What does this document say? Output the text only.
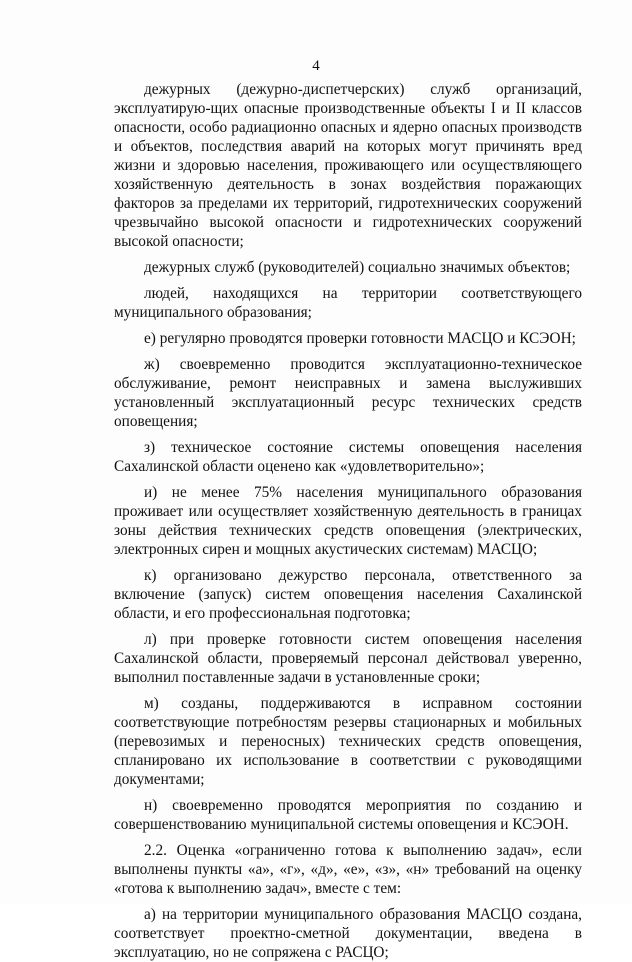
4

дежурных (дежурно-диспетчерских) служб организаций, эксплуатирую-щих опасные производственные объекты I и II классов опасности, особо радиационно опасных и ядерно опасных производств и объектов, последствия аварий на которых могут причинять вред жизни и здоровью населения, проживающего или осуществляющего хозяйственную деятельность в зонах воздействия поражающих факторов за пределами их территорий, гидротехнических сооружений чрезвычайно высокой опасности и гидротехнических сооружений высокой опасности;

дежурных служб (руководителей) социально значимых объектов;

людей, находящихся на территории соответствующего муниципального образования;

е) регулярно проводятся проверки готовности МАСЦО и КСЭОН;

ж) своевременно проводится эксплуатационно-техническое обслуживание, ремонт неисправных и замена выслуживших установленный эксплуатационный ресурс технических средств оповещения;

з) техническое состояние системы оповещения населения Сахалинской области оценено как «удовлетворительно»;

и) не менее 75% населения муниципального образования проживает или осуществляет хозяйственную деятельность в границах зоны действия технических средств оповещения (электрических, электронных сирен и мощных акустических системам) МАСЦО;

к) организовано дежурство персонала, ответственного за включение (запуск) систем оповещения населения Сахалинской области, и его профессиональная подготовка;

л) при проверке готовности систем оповещения населения Сахалинской области, проверяемый персонал действовал уверенно, выполнил поставленные задачи в установленные сроки;

м) созданы, поддерживаются в исправном состоянии соответствующие потребностям резервы стационарных и мобильных (перевозимых и переносных) технических средств оповещения, спланировано их использование в соответствии с руководящими документами;

н) своевременно проводятся мероприятия по созданию и совершенствованию муниципальной системы оповещения и КСЭОН.

2.2. Оценка «ограниченно готова к выполнению задач», если выполнены пункты «а», «г», «д», «е», «з», «н» требований на оценку «готова к выполнению задач», вместе с тем:

а) на территории муниципального образования МАСЦО создана, соответствует проектно-сметной документации, введена в эксплуатацию, но не сопряжена с РАСЦО;
